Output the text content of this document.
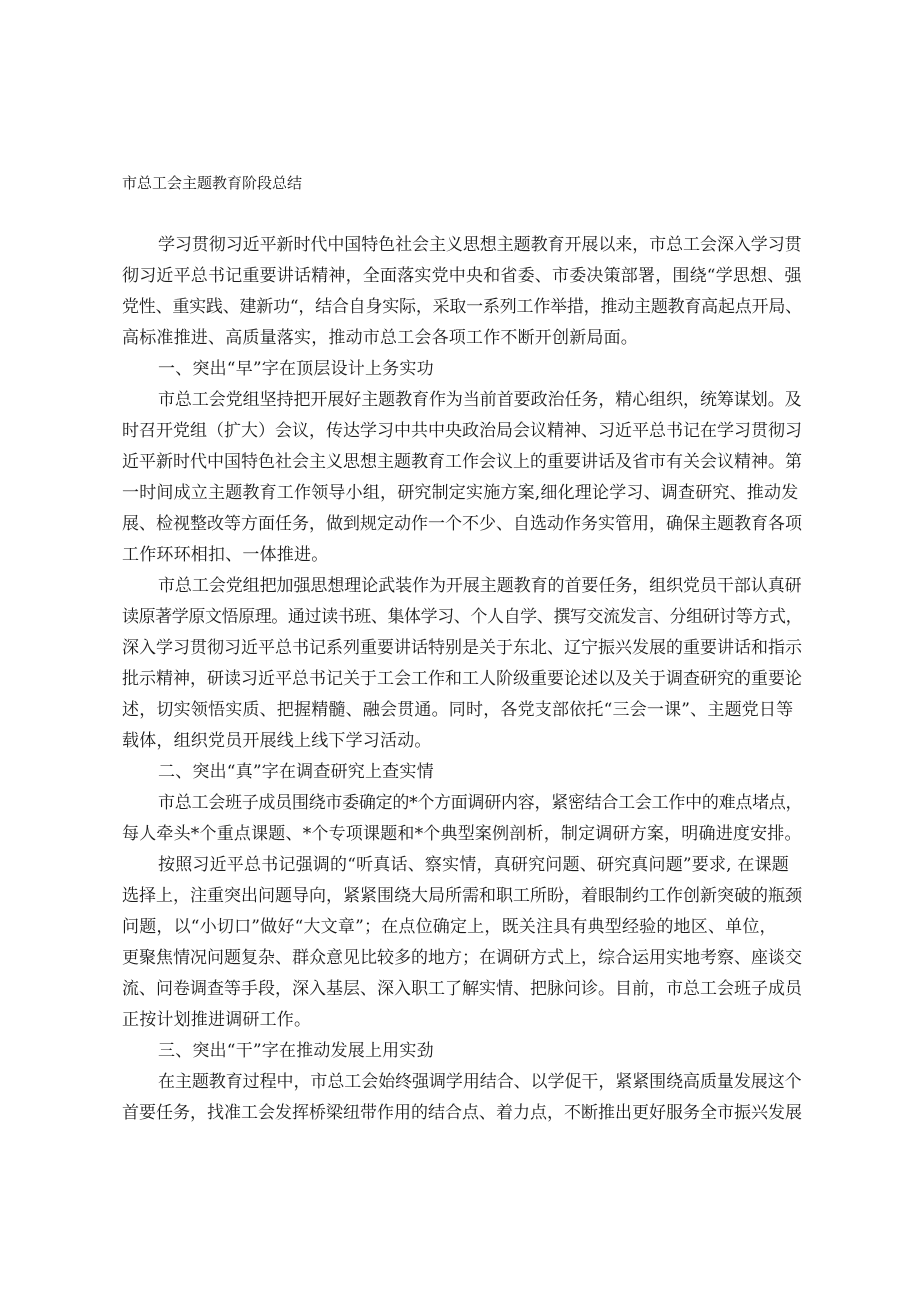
市总工会主题教育阶段总结
学习贯彻习近平新时代中国特色社会主义思想主题教育开展以来，市总工会深入学习贯
彻习近平总书记重要讲话精神，全面落实党中央和省委、市委决策部署，围绕“学思想、强
党性、重实践、建新功“，结合自身实际，采取一系列工作举措，推动主题教育高起点开局、
高标准推进、高质量落实，推动市总工会各项工作不断开创新局面。
一、突出“早”字在顶层设计上务实功
市总工会党组坚持把开展好主题教育作为当前首要政治任务，精心组织，统筹谋划。及
时召开党组（扩大）会议，传达学习中共中央政治局会议精神、习近平总书记在学习贯彻习
近平新时代中国特色社会主义思想主题教育工作会议上的重要讲话及省市有关会议精神。第
一时间成立主题教育工作领导小组，研究制定实施方案,细化理论学习、调查研究、推动发
展、检视整改等方面任务，做到规定动作一个不少、自选动作务实管用，确保主题教育各项
工作环环相扣、一体推进。
市总工会党组把加强思想理论武装作为开展主题教育的首要任务，组织党员干部认真研
读原著学原文悟原理。通过读书班、集体学习、个人自学、撰写交流发言、分组研讨等方式，
深入学习贯彻习近平总书记系列重要讲话特别是关于东北、辽宁振兴发展的重要讲话和指示
批示精神，研读习近平总书记关于工会工作和工人阶级重要论述以及关于调查研究的重要论
述，切实领悟实质、把握精髓、融会贯通。同时，各党支部依托“三会一课”、主题党日等
载体，组织党员开展线上线下学习活动。
二、突出“真”字在调查研究上查实情
市总工会班子成员围绕市委确定的*个方面调研内容，紧密结合工会工作中的难点堵点，
每人牵头*个重点课题、*个专项课题和*个典型案例剖析，制定调研方案，明确进度安排。
按照习近平总书记强调的“听真话、察实情，真研究问题、研究真问题”要求, 在课题
选择上，注重突出问题导向，紧紧围绕大局所需和职工所盼，着眼制约工作创新突破的瓶颈
问题，以“小切口”做好“大文章”；在点位确定上，既关注具有典型经验的地区、单位，
更聚焦情况问题复杂、群众意见比较多的地方；在调研方式上，综合运用实地考察、座谈交
流、问卷调查等手段，深入基层、深入职工了解实情、把脉问诊。目前，市总工会班子成员
正按计划推进调研工作。
三、突出“干”字在推动发展上用实劲
在主题教育过程中，市总工会始终强调学用结合、以学促干，紧紧围绕高质量发展这个
首要任务，找准工会发挥桥梁纽带作用的结合点、着力点，不断推出更好服务全市振兴发展
